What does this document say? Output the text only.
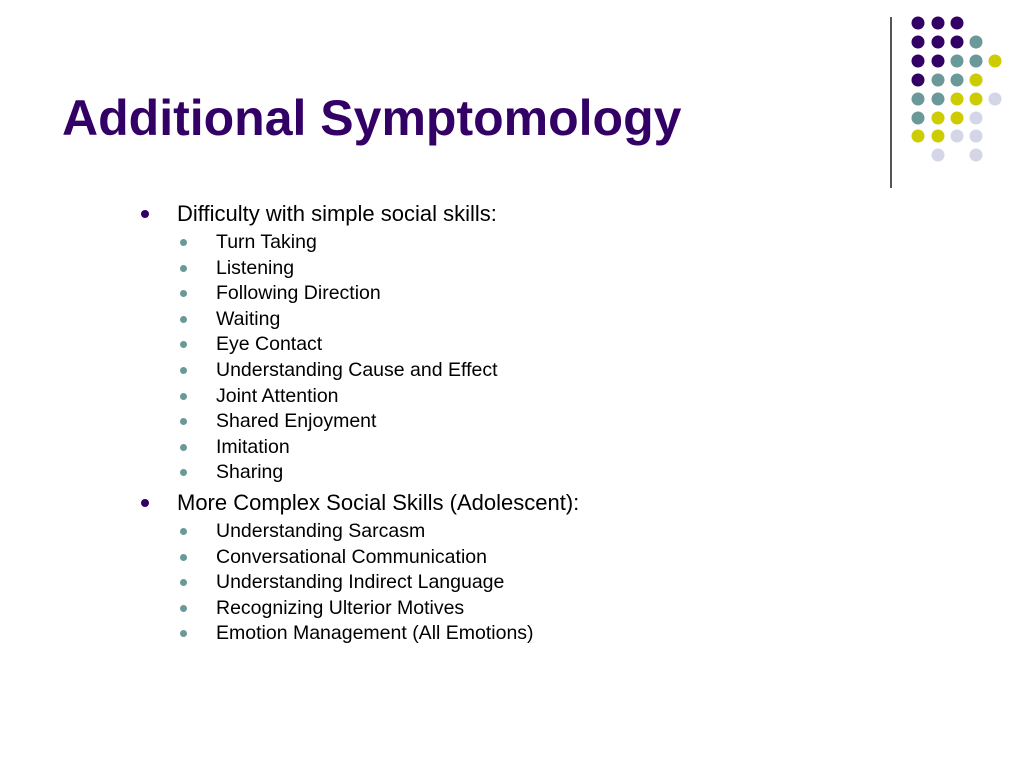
Additional Symptomology
Difficulty with simple social skills:
Turn Taking
Listening
Following Direction
Waiting
Eye Contact
Understanding Cause and Effect
Joint Attention
Shared Enjoyment
Imitation
Sharing
More Complex Social Skills (Adolescent):
Understanding Sarcasm
Conversational Communication
Understanding Indirect Language
Recognizing Ulterior Motives
Emotion Management (All Emotions)
